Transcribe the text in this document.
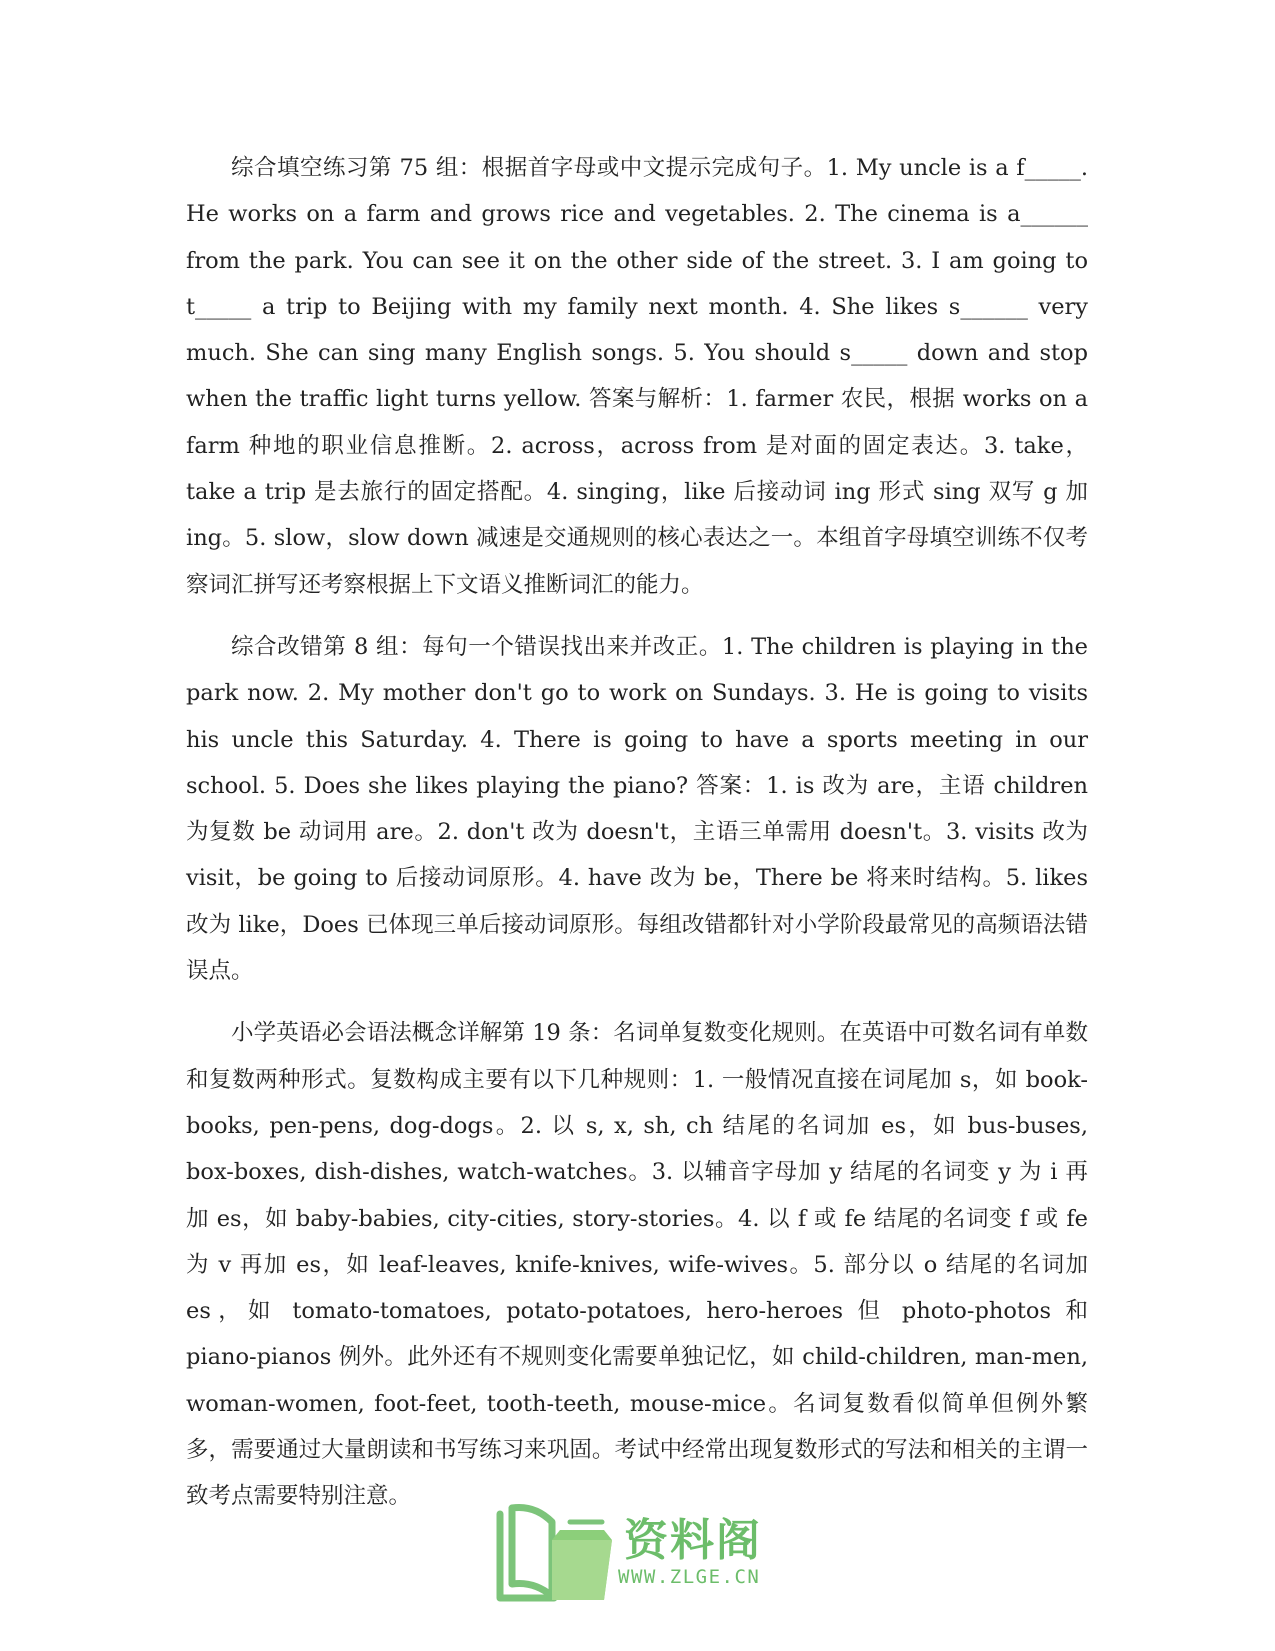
综合填空练习第 75 组：根据首字母或中文提示完成句子。1. My uncle is a f_____. He works on a farm and grows rice and vegetables. 2. The cinema is a______ from the park. You can see it on the other side of the street. 3. I am going to t_____ a trip to Beijing with my family next month. 4. She likes s______ very much. She can sing many English songs. 5. You should s_____ down and stop when the traffic light turns yellow. 答案与解析：1. farmer 农民，根据 works on a farm 种地的职业信息推断。2. across，across from 是对面的固定表达。3. take，take a trip 是去旅行的固定搭配。4. singing，like 后接动词 ing 形式 sing 双写 g 加 ing。5. slow，slow down 减速是交通规则的核心表达之一。本组首字母填空训练不仅考察词汇拼写还考察根据上下文语义推断词汇的能力。

综合改错第 8 组：每句一个错误找出来并改正。1. The children is playing in the park now. 2. My mother don't go to work on Sundays. 3. He is going to visits his uncle this Saturday. 4. There is going to have a sports meeting in our school. 5. Does she likes playing the piano? 答案：1. is 改为 are，主语 children 为复数 be 动词用 are。2. don't 改为 doesn't，主语三单需用 doesn't。3. visits 改为 visit，be going to 后接动词原形。4. have 改为 be，There be 将来时结构。5. likes 改为 like，Does 已体现三单后接动词原形。每组改错都针对小学阶段最常见的高频语法错误点。

小学英语必会语法概念详解第 19 条：名词单复数变化规则。在英语中可数名词有单数和复数两种形式。复数构成主要有以下几种规则：1. 一般情况直接在词尾加 s，如 book-books, pen-pens, dog-dogs。2. 以 s, x, sh, ch 结尾的名词加 es，如 bus-buses, box-boxes, dish-dishes, watch-watches。3. 以辅音字母加 y 结尾的名词变 y 为 i 再加 es，如 baby-babies, city-cities, story-stories。4. 以 f 或 fe 结尾的名词变 f 或 fe 为 v 再加 es，如 leaf-leaves, knife-knives, wife-wives。5. 部分以 o 结尾的名词加 es，如 tomato-tomatoes, potato-potatoes, hero-heroes 但 photo-photos 和 piano-pianos 例外。此外还有不规则变化需要单独记忆，如 child-children, man-men, woman-women, foot-feet, tooth-teeth, mouse-mice。名词复数看似简单但例外繁多，需要通过大量朗读和书写练习来巩固。考试中经常出现复数形式的写法和相关的主谓一致考点需要特别注意。

资料阁
WWW.ZLGE.CN
